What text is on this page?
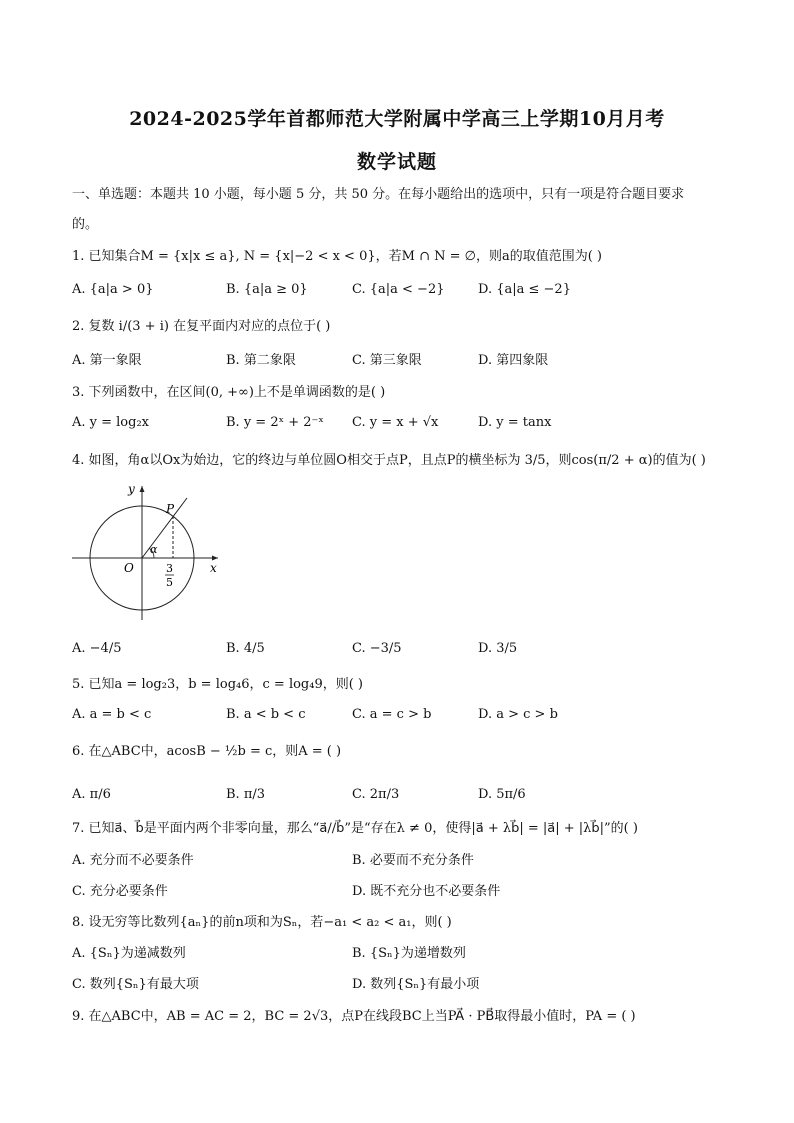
2024-2025学年首都师范大学附属中学高三上学期10月月考
数学试题
一、单选题：本题共 10 小题，每小题 5 分，共 50 分。在每小题给出的选项中，只有一项是符合题目要求
的。
1. 已知集合M = {x|x ≤ a}, N = {x|−2 < x < 0}，若M ∩ N = ∅，则a的取值范围为( )
A. {a|a > 0}	B. {a|a ≥ 0}	C. {a|a < −2}	D. {a|a ≤ −2}
2. 复数 i/(3 + i) 在复平面内对应的点位于( )
A. 第一象限	B. 第二象限	C. 第三象限	D. 第四象限
3. 下列函数中，在区间(0, +∞)上不是单调函数的是( )
A. y = log₂x	B. y = 2ˣ + 2⁻ˣ C. y = x + √x	D. y = tanx
4. 如图，角α以Ox为始边，它的终边与单位圆O相交于点P，且点P的横坐标为 3/5，则cos(π/2 + α)的值为( )
x
y
O
P
α
3
5
A. −4/5	B. 4/5	C. −3/5	D. 3/5
5. 已知a = log₂3，b = log₄6，c = log₄9，则( )
A. a = b < c	B. a < b < c	C. a = c > b	D. a > c > b
6. 在△ABC中，acosB − ½b = c，则A = ( )
A. π/6	B. π/3	C. 2π/3	D. 5π/6
7. 已知a⃗、b⃗是平面内两个非零向量，那么“a⃗//b⃗”是“存在λ ≠ 0，使得|a⃗ + λb⃗| = |a⃗| + |λb⃗|”的( )
A. 充分而不必要条件	B. 必要而不充分条件
C. 充分必要条件	D. 既不充分也不必要条件
8. 设无穷等比数列{aₙ}的前n项和为Sₙ，若−a₁ < a₂ < a₁，则( )
A. {Sₙ}为递减数列	B. {Sₙ}为递增数列
C. 数列{Sₙ}有最大项	D. 数列{Sₙ}有最小项
9. 在△ABC中，AB = AC = 2，BC = 2√3，点P在线段BC上当PA⃗ · PB⃗取得最小值时，PA = ( )
